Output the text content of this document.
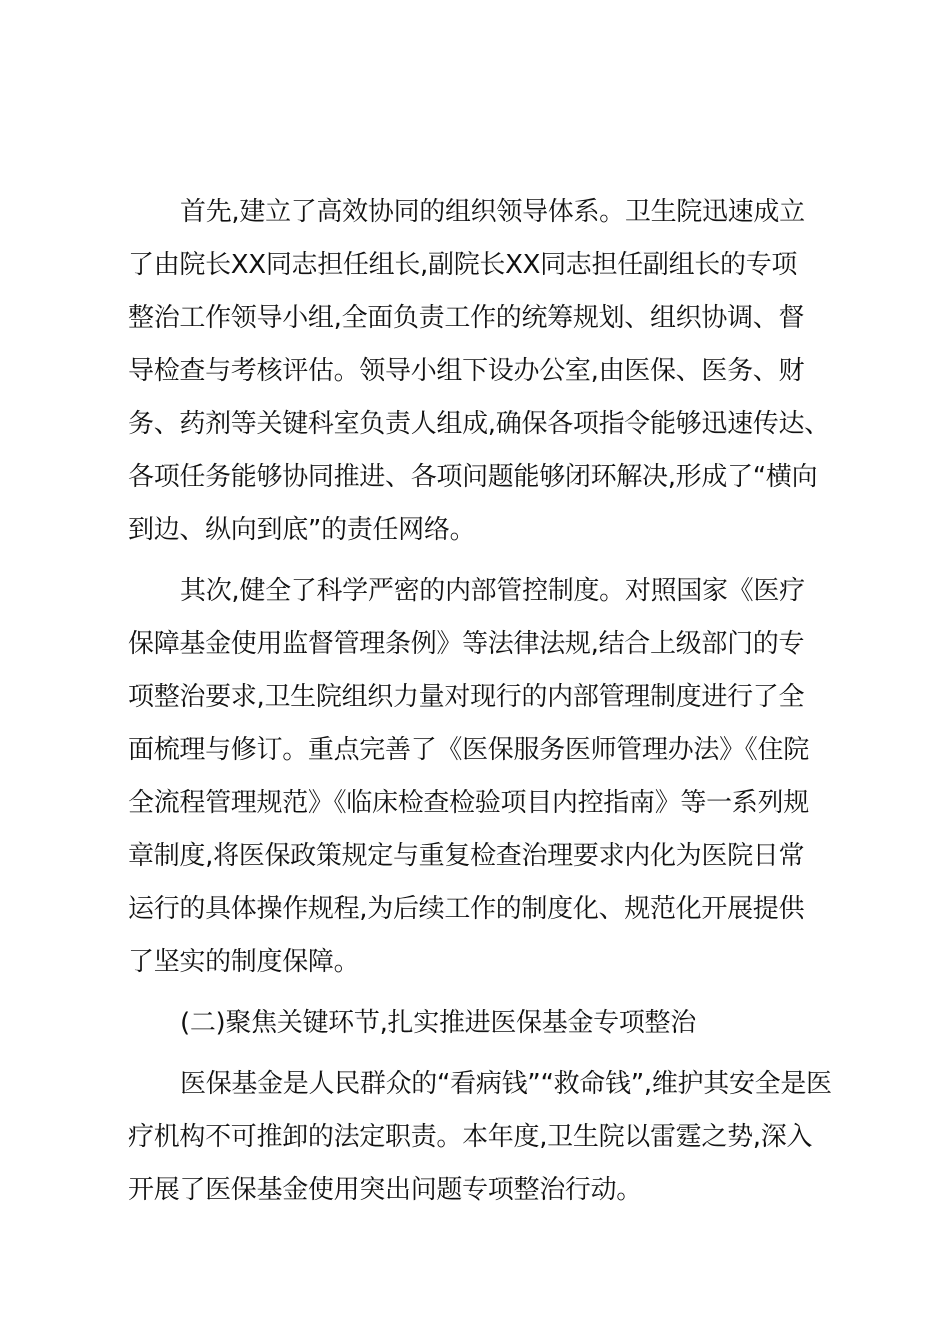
首先,建立了高效协同的组织领导体系。卫生院迅速成立
了由院长XX同志担任组长,副院长XX同志担任副组长的专项
整治工作领导小组,全面负责工作的统筹规划、组织协调、督
导检查与考核评估。领导小组下设办公室,由医保、医务、财
务、药剂等关键科室负责人组成,确保各项指令能够迅速传达、
各项任务能够协同推进、各项问题能够闭环解决,形成了“横向
到边、纵向到底”的责任网络。
其次,健全了科学严密的内部管控制度。对照国家《医疗
保障基金使用监督管理条例》等法律法规,结合上级部门的专
项整治要求,卫生院组织力量对现行的内部管理制度进行了全
面梳理与修订。重点完善了《医保服务医师管理办法》《住院
全流程管理规范》《临床检查检验项目内控指南》等一系列规
章制度,将医保政策规定与重复检查治理要求内化为医院日常
运行的具体操作规程,为后续工作的制度化、规范化开展提供
了坚实的制度保障。
(二)聚焦关键环节,扎实推进医保基金专项整治
医保基金是人民群众的“看病钱”“救命钱”,维护其安全是医
疗机构不可推卸的法定职责。本年度,卫生院以雷霆之势,深入
开展了医保基金使用突出问题专项整治行动。
